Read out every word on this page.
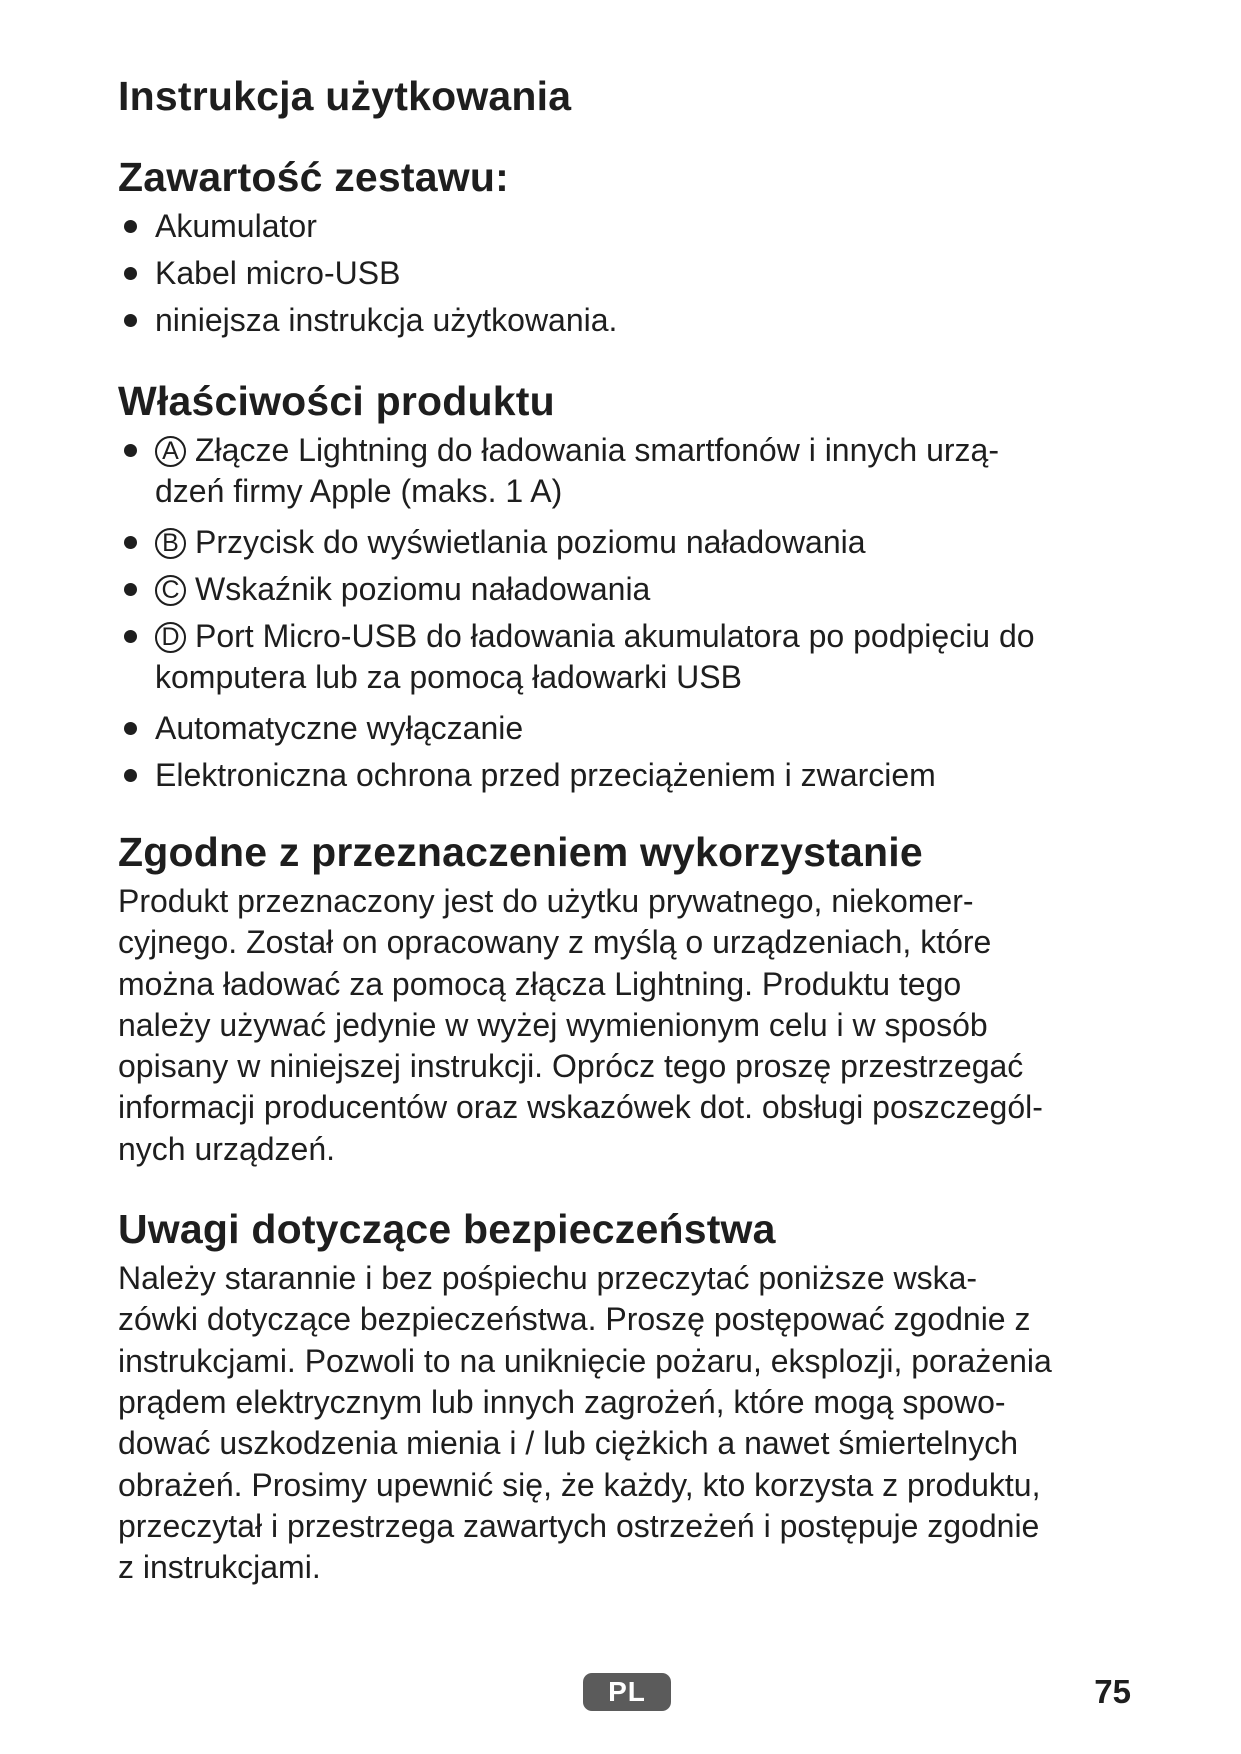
Instrukcja użytkowania
Zawartość zestawu:
Akumulator
Kabel micro-USB
niniejsza instrukcja użytkowania.
Właściwości produktu
A Złącze Lightning do ładowania smartfonów i innych urzą-
dzeń firmy Apple (maks. 1 A)
B Przycisk do wyświetlania poziomu naładowania
C Wskaźnik poziomu naładowania
D Port Micro-USB do ładowania akumulatora po podpięciu do
komputera lub za pomocą ładowarki USB
Automatyczne wyłączanie
Elektroniczna ochrona przed przeciążeniem i zwarciem
Zgodne z przeznaczeniem wykorzystanie

Produkt przeznaczony jest do użytku prywatnego, niekomer-
cyjnego. Został on opracowany z myślą o urządzeniach, które
można ładować za pomocą złącza Lightning. Produktu tego
należy używać jedynie w wyżej wymienionym celu i w sposób
opisany w niniejszej instrukcji. Oprócz tego proszę przestrzegać
informacji producentów oraz wskazówek dot. obsługi poszczegól-
nych urządzeń.

Uwagi dotyczące bezpieczeństwa

Należy starannie i bez pośpiechu przeczytać poniższe wska-
zówki dotyczące bezpieczeństwa. Proszę postępować zgodnie z
instrukcjami. Pozwoli to na uniknięcie pożaru, eksplozji, porażenia
prądem elektrycznym lub innych zagrożeń, które mogą spowo-
dować uszkodzenia mienia i / lub ciężkich a nawet śmiertelnych
obrażeń. Prosimy upewnić się, że każdy, kto korzysta z produktu,
przeczytał i przestrzega zawartych ostrzeżeń i postępuje zgodnie
z instrukcjami.

PL	75
